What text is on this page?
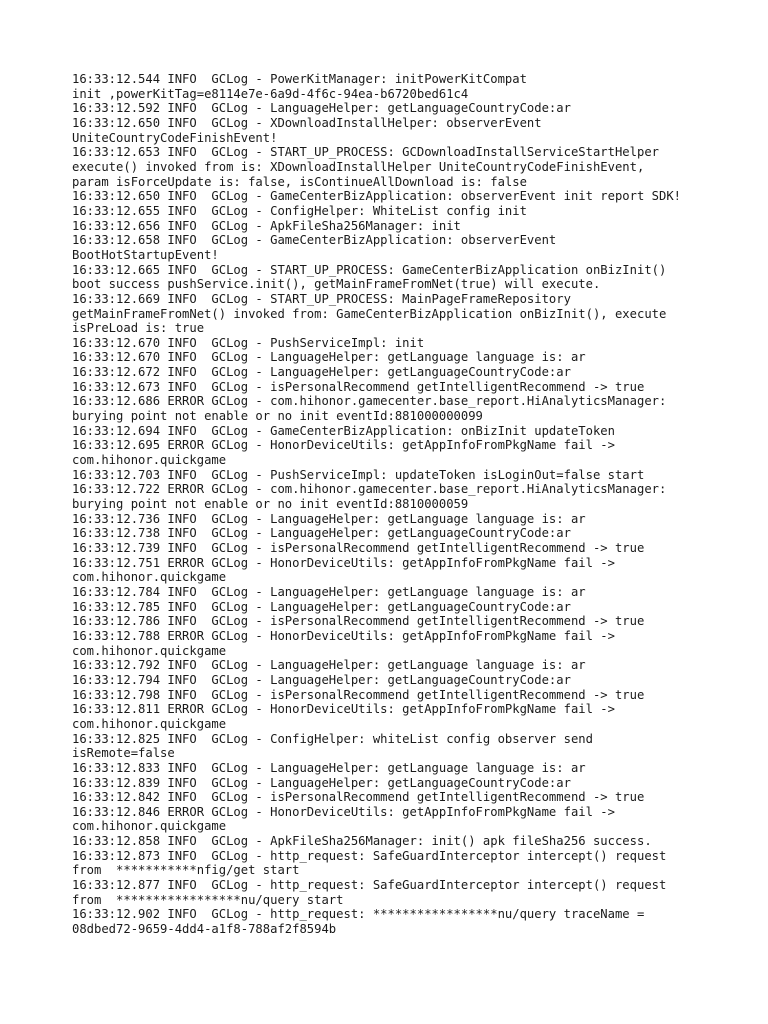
16:33:12.544 INFO  GCLog - PowerKitManager: initPowerKitCompat
init ,powerKitTag=e8114e7e-6a9d-4f6c-94ea-b6720bed61c4
16:33:12.592 INFO  GCLog - LanguageHelper: getLanguageCountryCode:ar
16:33:12.650 INFO  GCLog - XDownloadInstallHelper: observerEvent
UniteCountryCodeFinishEvent!
16:33:12.653 INFO  GCLog - START_UP_PROCESS: GCDownloadInstallServiceStartHelper
execute() invoked from is: XDownloadInstallHelper UniteCountryCodeFinishEvent,
param isForceUpdate is: false, isContinueAllDownload is: false
16:33:12.650 INFO  GCLog - GameCenterBizApplication: observerEvent init report SDK!
16:33:12.655 INFO  GCLog - ConfigHelper: WhiteList config init
16:33:12.656 INFO  GCLog - ApkFileSha256Manager: init
16:33:12.658 INFO  GCLog - GameCenterBizApplication: observerEvent
BootHotStartupEvent!
16:33:12.665 INFO  GCLog - START_UP_PROCESS: GameCenterBizApplication onBizInit()
boot success pushService.init(), getMainFrameFromNet(true) will execute.
16:33:12.669 INFO  GCLog - START_UP_PROCESS: MainPageFrameRepository
getMainFrameFromNet() invoked from: GameCenterBizApplication onBizInit(), execute
isPreLoad is: true
16:33:12.670 INFO  GCLog - PushServiceImpl: init
16:33:12.670 INFO  GCLog - LanguageHelper: getLanguage language is: ar
16:33:12.672 INFO  GCLog - LanguageHelper: getLanguageCountryCode:ar
16:33:12.673 INFO  GCLog - isPersonalRecommend getIntelligentRecommend -> true
16:33:12.686 ERROR GCLog - com.hihonor.gamecenter.base_report.HiAnalyticsManager:
burying point not enable or no init eventId:881000000099
16:33:12.694 INFO  GCLog - GameCenterBizApplication: onBizInit updateToken
16:33:12.695 ERROR GCLog - HonorDeviceUtils: getAppInfoFromPkgName fail ->
com.hihonor.quickgame
16:33:12.703 INFO  GCLog - PushServiceImpl: updateToken isLoginOut=false start
16:33:12.722 ERROR GCLog - com.hihonor.gamecenter.base_report.HiAnalyticsManager:
burying point not enable or no init eventId:8810000059
16:33:12.736 INFO  GCLog - LanguageHelper: getLanguage language is: ar
16:33:12.738 INFO  GCLog - LanguageHelper: getLanguageCountryCode:ar
16:33:12.739 INFO  GCLog - isPersonalRecommend getIntelligentRecommend -> true
16:33:12.751 ERROR GCLog - HonorDeviceUtils: getAppInfoFromPkgName fail ->
com.hihonor.quickgame
16:33:12.784 INFO  GCLog - LanguageHelper: getLanguage language is: ar
16:33:12.785 INFO  GCLog - LanguageHelper: getLanguageCountryCode:ar
16:33:12.786 INFO  GCLog - isPersonalRecommend getIntelligentRecommend -> true
16:33:12.788 ERROR GCLog - HonorDeviceUtils: getAppInfoFromPkgName fail ->
com.hihonor.quickgame
16:33:12.792 INFO  GCLog - LanguageHelper: getLanguage language is: ar
16:33:12.794 INFO  GCLog - LanguageHelper: getLanguageCountryCode:ar
16:33:12.798 INFO  GCLog - isPersonalRecommend getIntelligentRecommend -> true
16:33:12.811 ERROR GCLog - HonorDeviceUtils: getAppInfoFromPkgName fail ->
com.hihonor.quickgame
16:33:12.825 INFO  GCLog - ConfigHelper: whiteList config observer send
isRemote=false
16:33:12.833 INFO  GCLog - LanguageHelper: getLanguage language is: ar
16:33:12.839 INFO  GCLog - LanguageHelper: getLanguageCountryCode:ar
16:33:12.842 INFO  GCLog - isPersonalRecommend getIntelligentRecommend -> true
16:33:12.846 ERROR GCLog - HonorDeviceUtils: getAppInfoFromPkgName fail ->
com.hihonor.quickgame
16:33:12.858 INFO  GCLog - ApkFileSha256Manager: init() apk fileSha256 success.
16:33:12.873 INFO  GCLog - http_request: SafeGuardInterceptor intercept() request
from  ***********nfig/get start
16:33:12.877 INFO  GCLog - http_request: SafeGuardInterceptor intercept() request
from  *****************nu/query start
16:33:12.902 INFO  GCLog - http_request: *****************nu/query traceName =
08dbed72-9659-4dd4-a1f8-788af2f8594b
